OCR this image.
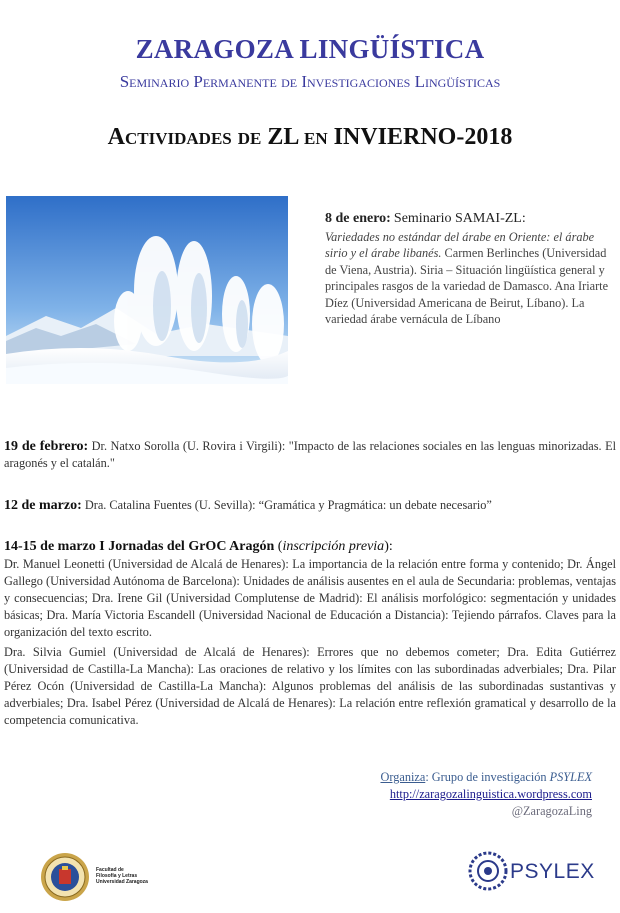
ZARAGOZA LINGÜÍSTICA
Seminario Permanente de Investigaciones Lingüísticas
Actividades de ZL en INVIERNO-2018
8 de enero: Seminario SAMAI-ZL:
Variedades no estándar del árabe en Oriente: el árabe sirio y el árabe libanés. Carmen Berlinches (Universidad de Viena, Austria). Siria – Situación lingüística general y principales rasgos de la variedad de Damasco. Ana Iriarte Díez (Universidad Americana de Beirut, Líbano). La variedad árabe vernácula de Líbano
19 de febrero: Dr. Natxo Sorolla (U. Rovira i Virgili): "Impacto de las relaciones sociales en las lenguas minorizadas. El aragonés y el catalán."
12 de marzo: Dra. Catalina Fuentes (U. Sevilla): “Gramática y Pragmática: un debate necesario”
14-15 de marzo I Jornadas del GrOC Aragón (inscripción previa):

Dr. Manuel Leonetti (Universidad de Alcalá de Henares): La importancia de la relación entre forma y contenido; Dr. Ángel Gallego (Universidad Autónoma de Barcelona): Unidades de análisis ausentes en el aula de Secundaria: problemas, ventajas y consecuencias; Dra. Irene Gil (Universidad Complutense de Madrid): El análisis morfológico: segmentación y unidades básicas; Dra. María Victoria Escandell (Universidad Nacional de Educación a Distancia): Tejiendo párrafos. Claves para la organización del texto escrito.

Dra. Silvia Gumiel (Universidad de Alcalá de Henares): Errores que no debemos cometer; Dra. Edita Gutiérrez (Universidad de Castilla-La Mancha): Las oraciones de relativo y los límites con las subordinadas adverbiales; Dra. Pilar Pérez Ocón (Universidad de Castilla-La Mancha): Algunos problemas del análisis de las subordinadas sustantivas y adverbiales; Dra. Isabel Pérez (Universidad de Alcalá de Henares): La relación entre reflexión gramatical y desarrollo de la competencia comunicativa.

Organiza: Grupo de investigación PSYLEX
http://zaragozalinguistica.wordpress.com
@ZaragozaLing
Facultad de
Filosofía y Letras
Universidad Zaragoza	PSYLEX
